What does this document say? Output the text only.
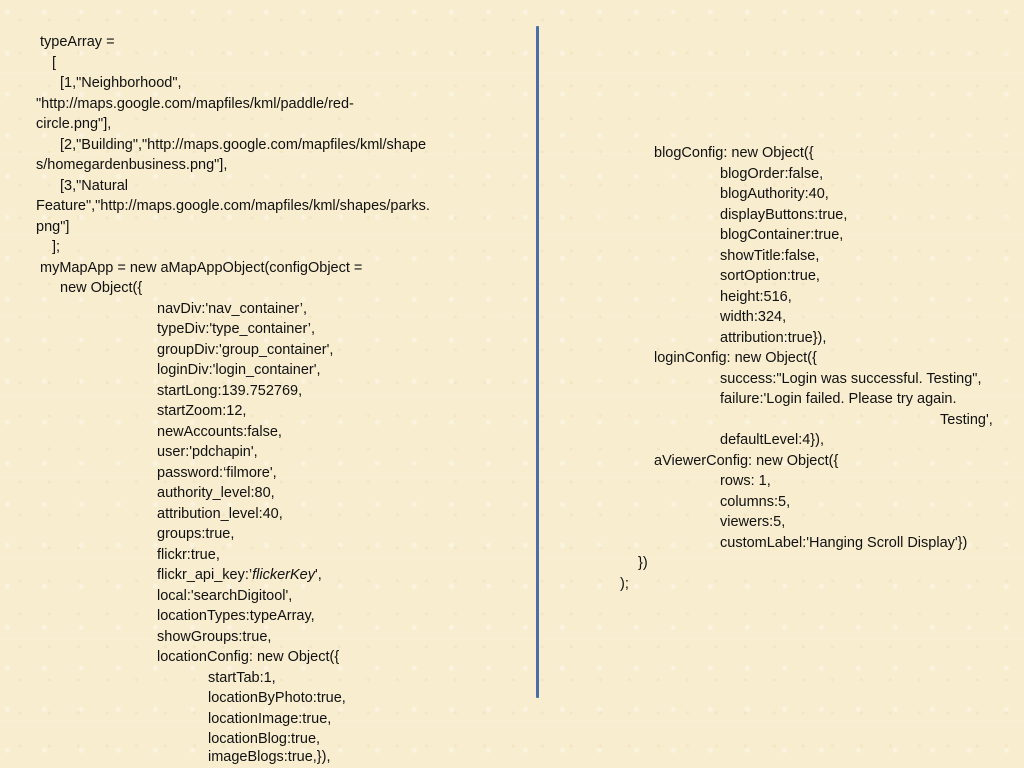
typeArray =

[

[1,"Neighborhood",

"http://maps.google.com/mapfiles/kml/paddle/red-

circle.png"],

[2,"Building","http://maps.google.com/mapfiles/kml/shape

s/homegardenbusiness.png"],

[3,"Natural

Feature","http://maps.google.com/mapfiles/kml/shapes/parks.

png"]

];

myMapApp = new aMapAppObject(configObject =

new Object({

navDiv:'nav_container’,

typeDiv:'type_container’,

groupDiv:'group_container',

loginDiv:'login_container',

startLong:139.752769,

startZoom:12,

newAccounts:false,

user:'pdchapin',

password:‘filmore',

authority_level:80,

attribution_level:40,

groups:true,

flickr:true,

flickr_api_key:’flickerKey',

local:'searchDigitool',

locationTypes:typeArray,

showGroups:true,

locationConfig: new Object({

startTab:1,

locationByPhoto:true,

locationImage:true,

locationBlog:true,

imageBlogs:true,}),

blogConfig: new Object({

blogOrder:false,

blogAuthority:40,

displayButtons:true,

blogContainer:true,

showTitle:false,

sortOption:true,

height:516,

width:324,

attribution:true}),

loginConfig: new Object({

success:"Login was successful. Testing",

failure:'Login failed. Please try again.

Testing',

defaultLevel:4}),

aViewerConfig: new Object({

rows: 1,

columns:5,

viewers:5,

customLabel:'Hanging Scroll Display'})

})

);
